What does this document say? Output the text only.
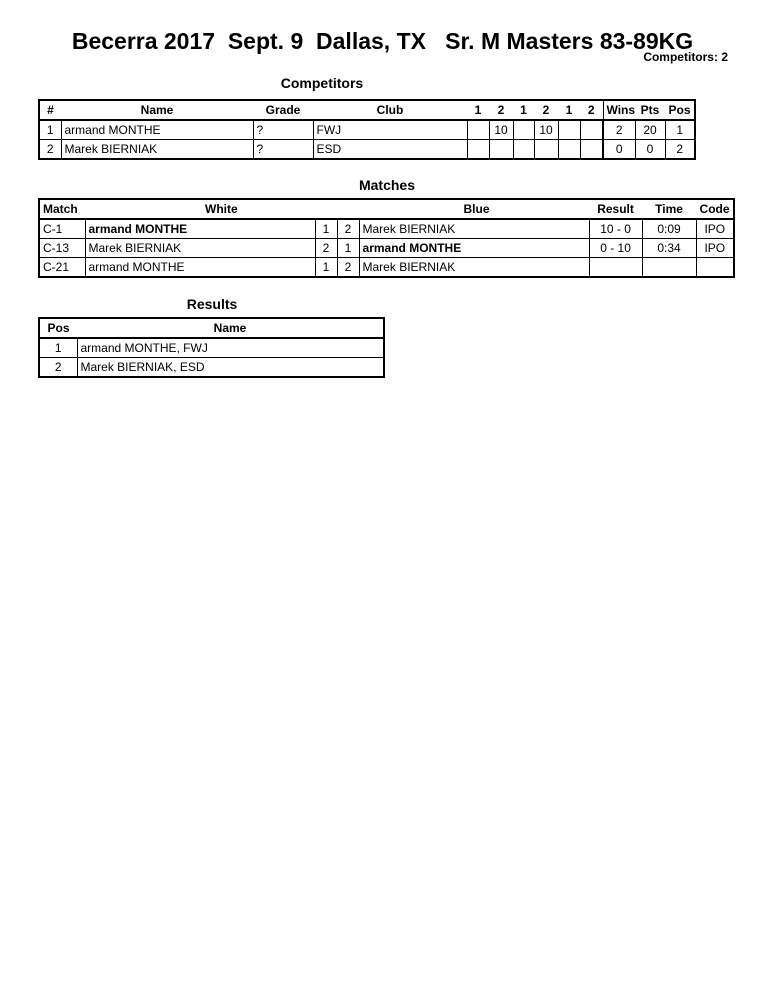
Becerra 2017  Sept. 9  Dallas, TX   Sr. M Masters 83-89KG
Competitors: 2
Competitors
#	Name	Grade	Club	1	2	1	2	1	2	Wins	Pts	Pos
1	armand MONTHE	?	FWJ		10		10			2	20	1
2	Marek BIERNIAK	?	ESD							0	0	2
Matches
Match	White		Blue		Result	Time	Code
C-1	armand MONTHE	1	2	Marek BIERNIAK	10 - 0	0:09	IPO
C-13	Marek BIERNIAK	2	1	armand MONTHE	0 - 10	0:34	IPO
C-21	armand MONTHE	1	2	Marek BIERNIAK			
Results
Pos	Name
1	armand MONTHE, FWJ
2	Marek BIERNIAK, ESD
